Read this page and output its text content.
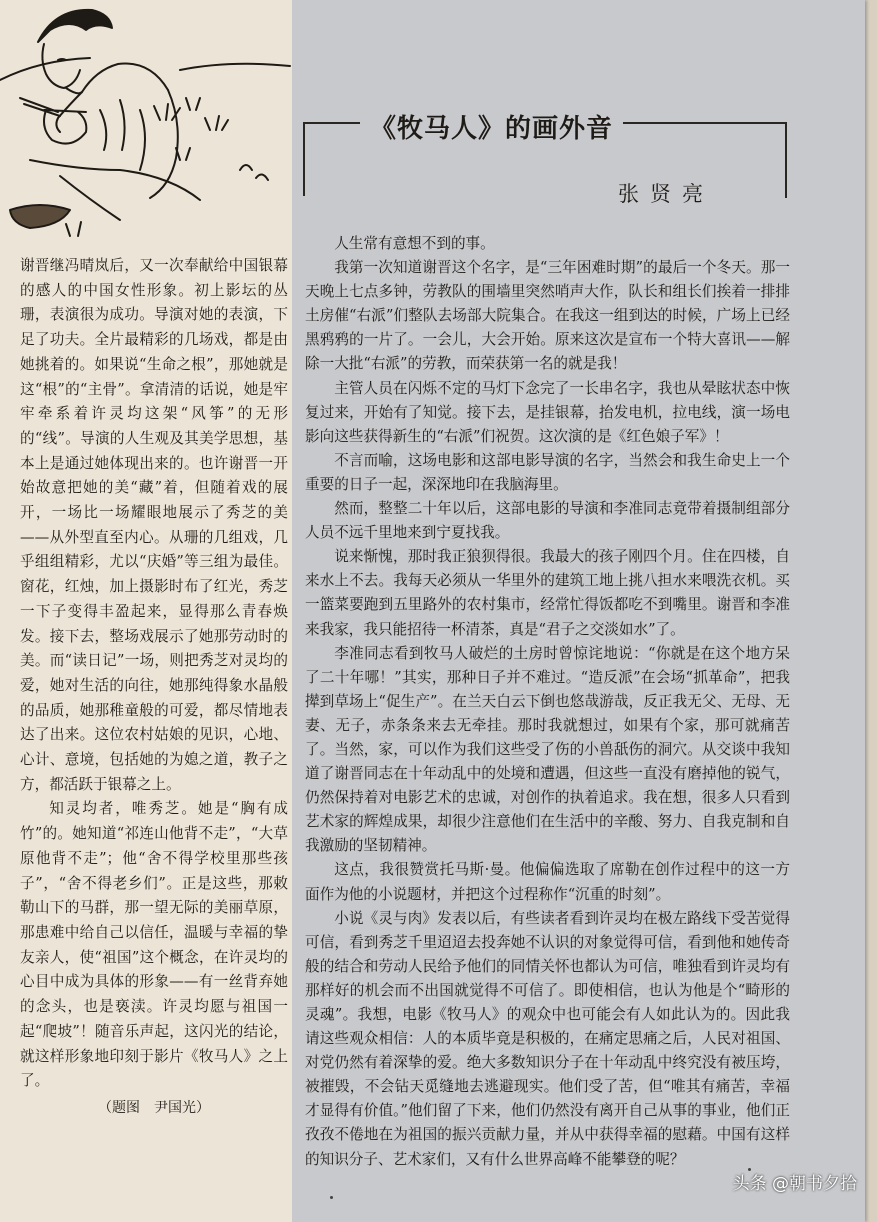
《牧马人》的画外音
张贤亮

谢晋继冯晴岚后，又一次奉献给中国银幕的感人的中国女性形象。初上影坛的丛珊，表演很为成功。导演对她的表演，下足了功夫。全片最精彩的几场戏，都是由她挑着的。如果说“生命之根”，那她就是这“根”的“主骨”。拿清清的话说，她是牢牢牵系着许灵均这架“风筝”的无形的“线”。导演的人生观及其美学思想，基本上是通过她体现出来的。也许谢晋一开始故意把她的美“藏”着，但随着戏的展开，一场比一场耀眼地展示了秀芝的美——从外型直至内心。从珊的几组戏，几乎组组精彩，尤以“庆婚”等三组为最佳。窗花，红烛，加上摄影时布了红光，秀芝一下子变得丰盈起来，显得那么青春焕发。接下去，整场戏展示了她那劳动时的美。而“读日记”一场，则把秀芝对灵均的爱，她对生活的向往，她那纯得象水晶般的品质，她那稚童般的可爱，都尽情地表达了出来。这位农村姑娘的见识，心地、心计、意境，包括她的为媳之道，教子之方，都活跃于银幕之上。

知灵均者，唯秀芝。她是“胸有成竹”的。她知道“祁连山他背不走”，“大草原他背不走”；他“舍不得学校里那些孩子”，“舍不得老乡们”。正是这些，那敕勒山下的马群，那一望无际的美丽草原，那患难中给自己以信任，温暖与幸福的挚友亲人，使“祖国”这个概念，在许灵均的心目中成为具体的形象——有一丝背弃她的念头，也是亵渎。许灵均愿与祖国一起“爬坡”！随音乐声起，这闪光的结论，就这样形象地印刻于影片《牧马人》之上了。

（题图　尹国光）

人生常有意想不到的事。

我第一次知道谢晋这个名字，是“三年困难时期”的最后一个冬天。那一天晚上七点多钟，劳教队的围墙里突然哨声大作，队长和组长们挨着一排排土房催“右派”们整队去场部大院集合。在我这一组到达的时候，广场上已经黑鸦鸦的一片了。一会儿，大会开始。原来这次是宣布一个特大喜讯——解除一大批“右派”的劳教，而荣获第一名的就是我！

主管人员在闪烁不定的马灯下念完了一长串名字，我也从晕眩状态中恢复过来，开始有了知觉。接下去，是挂银幕，抬发电机，拉电线，演一场电影向这些获得新生的“右派”们祝贺。这次演的是《红色娘子军》！

不言而喻，这场电影和这部电影导演的名字，当然会和我生命史上一个重要的日子一起，深深地印在我脑海里。

然而，整整二十年以后，这部电影的导演和李准同志竟带着摄制组部分人员不远千里地来到宁夏找我。

说来惭愧，那时我正狼狈得很。我最大的孩子刚四个月。住在四楼，自来水上不去。我每天必须从一华里外的建筑工地上挑八担水来喂洗衣机。买一篮菜要跑到五里路外的农村集市，经常忙得饭都吃不到嘴里。谢晋和李准来我家，我只能招待一杯清茶，真是“君子之交淡如水”了。

李准同志看到牧马人破烂的土房时曾惊诧地说：“你就是在这个地方呆了二十年哪！”其实，那种日子并不难过。“造反派”在会场“抓革命”，把我撵到草场上“促生产”。在兰天白云下倒也悠哉游哉，反正我无父、无母、无妻、无子，赤条条来去无牵挂。那时我就想过，如果有个家，那可就痛苦了。当然，家，可以作为我们这些受了伤的小兽舐伤的洞穴。从交谈中我知道了谢晋同志在十年动乱中的处境和遭遇，但这些一直没有磨掉他的锐气，仍然保持着对电影艺术的忠诚，对创作的执着追求。我在想，很多人只看到艺术家的辉煌成果，却很少注意他们在生活中的辛酸、努力、自我克制和自我激励的坚韧精神。

这点，我很赞赏托马斯·曼。他偏偏选取了席勒在创作过程中的这一方面作为他的小说题材，并把这个过程称作“沉重的时刻”。

小说《灵与肉》发表以后，有些读者看到许灵均在极左路线下受苦觉得可信，看到秀芝千里迢迢去投奔她不认识的对象觉得可信，看到他和她传奇般的结合和劳动人民给予他们的同情关怀也都认为可信，唯独看到许灵均有那样好的机会而不出国就觉得不可信了。即使相信，也认为他是个“畸形的灵魂”。我想，电影《牧马人》的观众中也可能会有人如此认为的。因此我请这些观众相信：人的本质毕竟是积极的，在痛定思痛之后，人民对祖国、对党仍然有着深挚的爱。绝大多数知识分子在十年动乱中终究没有被压垮，被摧毁，不会钻天觅缝地去逃避现实。他们受了苦，但“唯其有痛苦，幸福才显得有价值。”他们留了下来，他们仍然没有离开自己从事的事业，他们正孜孜不倦地在为祖国的振兴贡献力量，并从中获得幸福的慰藉。中国有这样的知识分子、艺术家们，又有什么世界高峰不能攀登的呢？

头条 @朝书夕拾
